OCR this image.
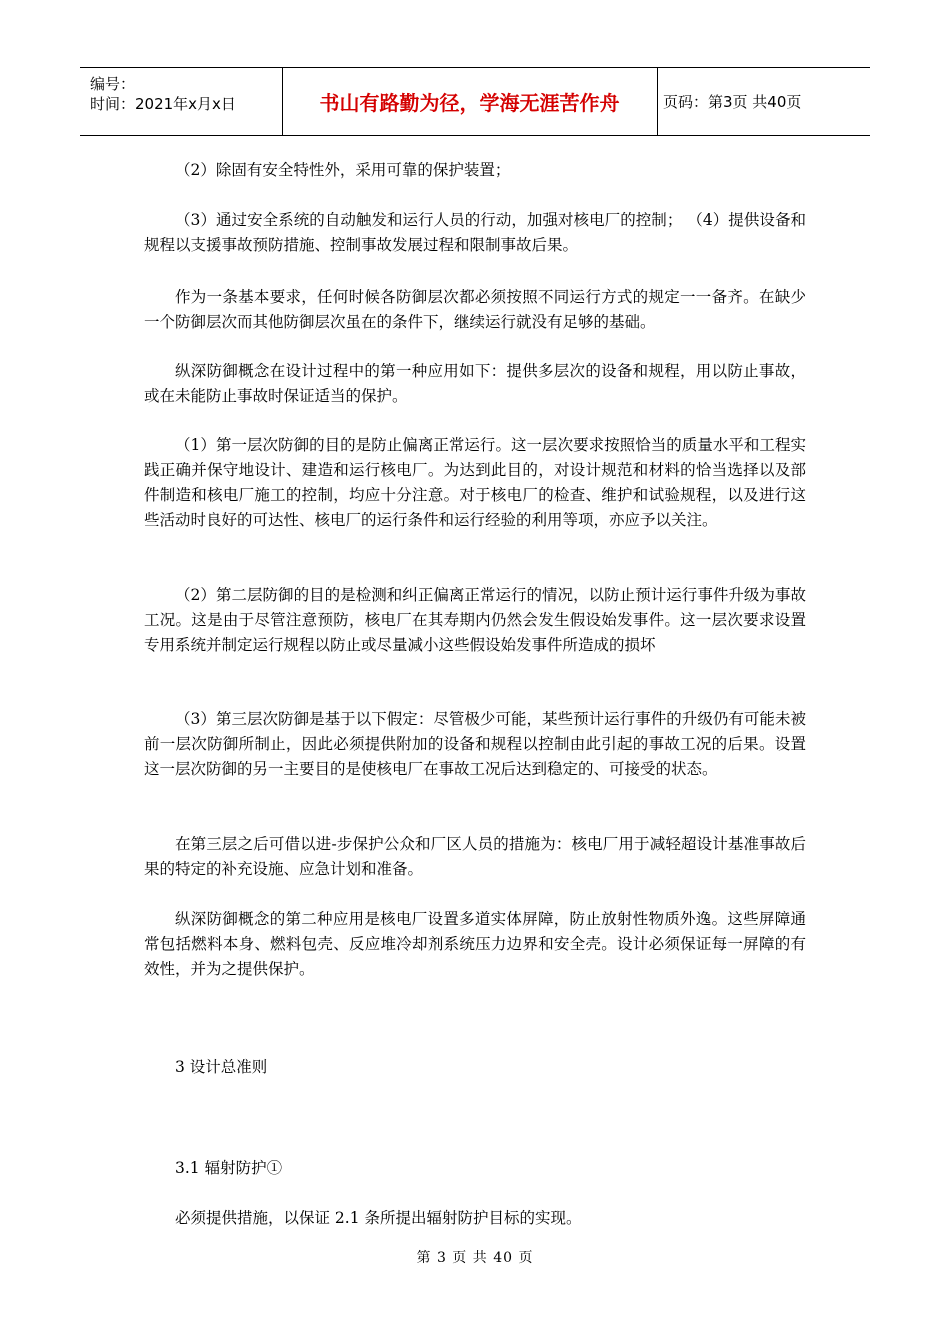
编号：
时间：2021年x月x日	书山有路勤为径，学海无涯苦作舟	页码：第3页 共40页

（2）除固有安全特性外，采用可靠的保护装置；

（3）通过安全系统的自动触发和运行人员的行动，加强对核电厂的控制； （4）提供设备和规程以支援事故预防措施、控制事故发展过程和限制事故后果。

作为一条基本要求，任何时候各防御层次都必须按照不同运行方式的规定一一备齐。在缺少一个防御层次而其他防御层次虽在的条件下，继续运行就没有足够的基础。

纵深防御概念在设计过程中的第一种应用如下：提供多层次的设备和规程，用以防止事故，或在未能防止事故时保证适当的保护。

（1）第一层次防御的目的是防止偏离正常运行。这一层次要求按照恰当的质量水平和工程实践正确并保守地设计、建造和运行核电厂。为达到此目的，对设计规范和材料的恰当选择以及部件制造和核电厂施工的控制，均应十分注意。对于核电厂的检查、维护和试验规程，以及进行这些活动时良好的可达性、核电厂的运行条件和运行经验的利用等项，亦应予以关注。

（2）第二层防御的目的是检测和纠正偏离正常运行的情况，以防止预计运行事件升级为事故工况。这是由于尽管注意预防，核电厂在其寿期内仍然会发生假设始发事件。这一层次要求设置专用系统并制定运行规程以防止或尽量减小这些假设始发事件所造成的损坏

（3）第三层次防御是基于以下假定：尽管极少可能，某些预计运行事件的升级仍有可能未被前一层次防御所制止，因此必须提供附加的设备和规程以控制由此引起的事故工况的后果。设置这一层次防御的另一主要目的是使核电厂在事故工况后达到稳定的、可接受的状态。

在第三层之后可借以进-步保护公众和厂区人员的措施为：核电厂用于减轻超设计基准事故后果的特定的补充设施、应急计划和准备。

纵深防御概念的第二种应用是核电厂设置多道实体屏障，防止放射性物质外逸。这些屏障通常包括燃料本身、燃料包壳、反应堆冷却剂系统压力边界和安全壳。设计必须保证每一屏障的有效性，并为之提供保护。

3 设计总准则

3.1 辐射防护①

必须提供措施，以保证 2.1 条所提出辐射防护目标的实现。

第 3 页 共 40 页
